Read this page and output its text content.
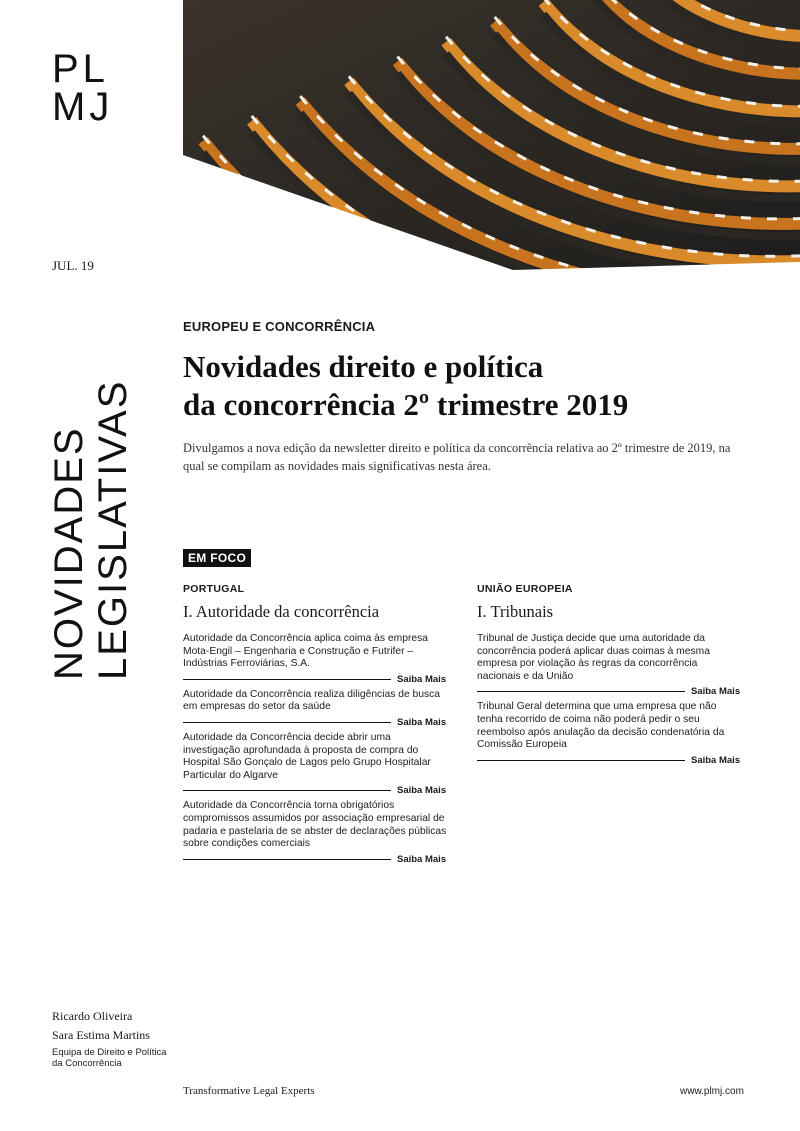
PL
MJ
JUL. 19
NOVIDADES LEGISLATIVAS
EUROPEU E CONCORRÊNCIA
Novidades direito e política
da concorrência 2º trimestre 2019

Divulgamos a nova edição da newsletter direito e política da concorrência relativa ao 2º trimestre de 2019, na qual se compilam as novidades mais significativas nesta área.

EM FOCO
PORTUGAL
I. Autoridade da concorrência
Autoridade da Concorrência aplica coima às empresa Mota-Engil – Engenharia e Construção e Futrifer – Indústrias Ferroviárias, S.A.
Saiba Mais
Autoridade da Concorrência realiza diligências de busca em empresas do setor da saúde
Saiba Mais
Autoridade da Concorrência decide abrir uma investigação aprofundada à proposta de compra do Hospital São Gonçalo de Lagos pelo Grupo Hospitalar Particular do Algarve
Saiba Mais
Autoridade da Concorrência torna obrigatórios compromissos assumidos por associação empresarial de padaria e pastelaria de se abster de declarações públicas sobre condições comerciais
Saiba Mais
UNIÃO EUROPEIA
I. Tribunais
Tribunal de Justiça decide que uma autoridade da concorrência poderá aplicar duas coimas à mesma empresa por violação às regras da concorrência nacionais e da União
Saiba Mais
Tribunal Geral determina que uma empresa que não tenha recorrido de coima não poderá pedir o seu reembolso após anulação da decisão condenatória da Comissão Europeia
Saiba Mais
Ricardo Oliveira
Sara Estima Martins
Equipa de Direito e Política da Concorrência
Transformative Legal Experts	www.plmj.com
